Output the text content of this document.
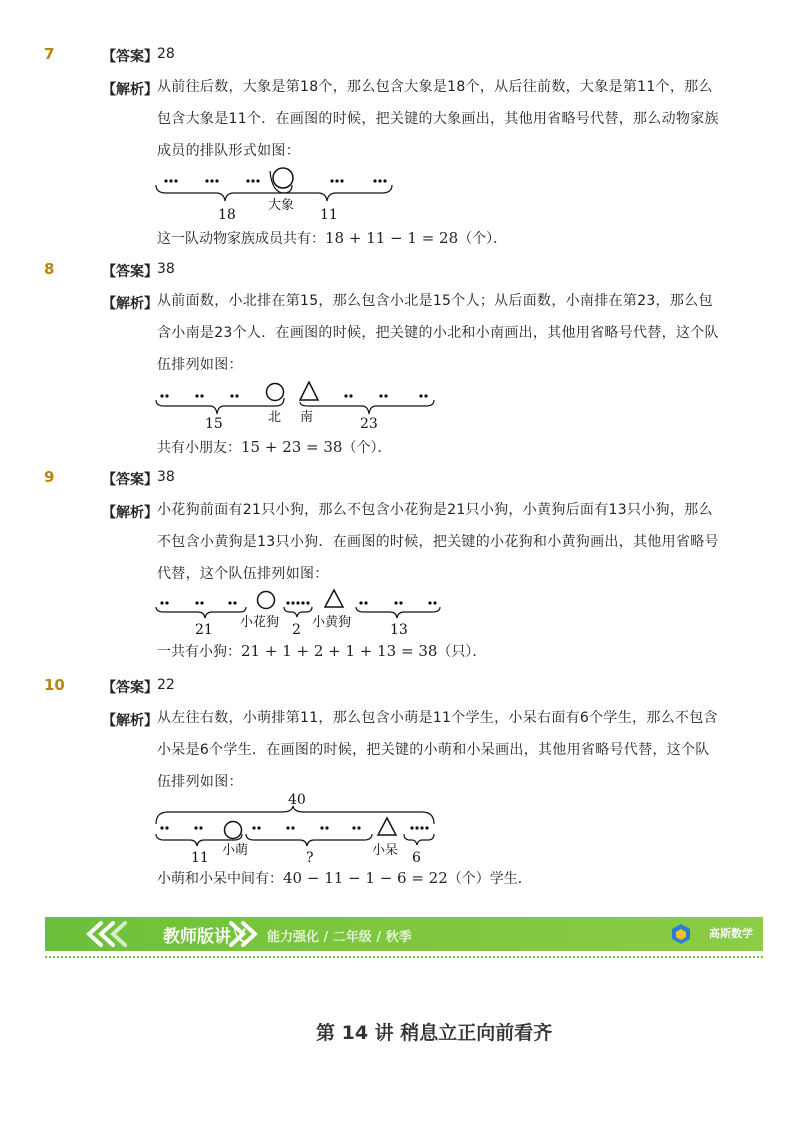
7	【答案】 28
【解析】 从前往后数，大象是第18个，那么包含大象是18个，从后往前数，大象是第11个，那么
包含大象是11个．在画图的时候，把关键的大象画出，其他用省略号代替，那么动物家族
成员的排队形式如图：
18
大象
11
这一队动物家族成员共有：18 + 11 − 1 = 28（个）．
8	【答案】 38
【解析】 从前面数，小北排在第15，那么包含小北是15个人；从后面数，小南排在第23，那么包
含小南是23个人．在画图的时候，把关键的小北和小南画出，其他用省略号代替，这个队
伍排列如图：
15	北 南	23
共有小朋友：15 + 23 = 38（个）．
9	【答案】 38
【解析】 小花狗前面有21只小狗，那么不包含小花狗是21只小狗，小黄狗后面有13只小狗，那么
不包含小黄狗是13只小狗．在画图的时候，把关键的小花狗和小黄狗画出，其他用省略号
代替，这个队伍排列如图：
21 小花狗 2 小黄狗	13
一共有小狗：21 + 1 + 2 + 1 + 13 = 38（只）．
10	【答案】 22
【解析】 从左往右数，小萌排第11，那么包含小萌是11个学生，小呆右面有6个学生，那么不包含
小呆是6个学生．在画图的时候，把关键的小萌和小呆画出，其他用省略号代替，这个队
伍排列如图：
40
11 小萌	?	小呆 6
小萌和小呆中间有：40 − 11 − 1 − 6 = 22（个）学生．
教师版讲义 能力强化 / 二年级 / 秋季	高斯数学
第 14 讲 稍息立正向前看齐
